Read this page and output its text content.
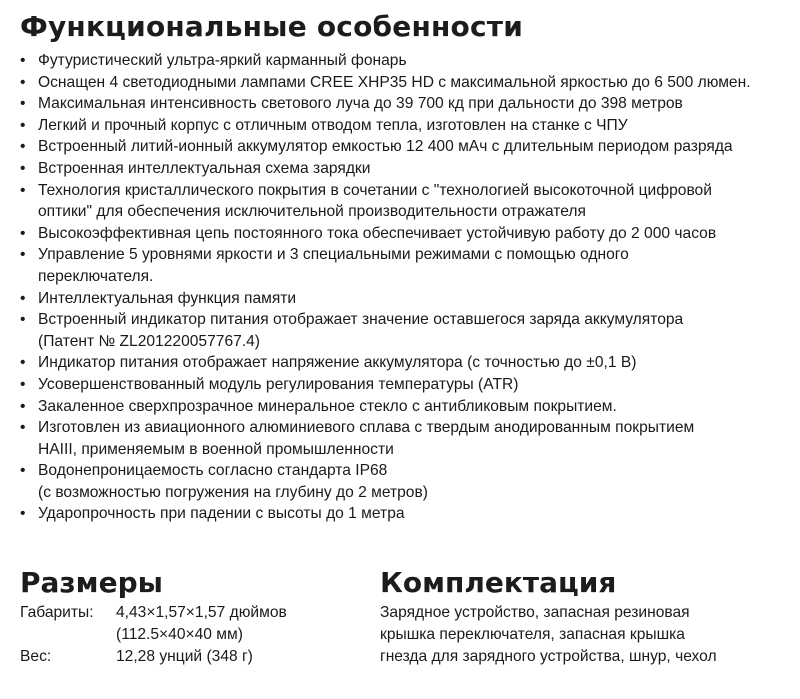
Функциональные особенности
• Футуристический ультра-яркий карманный фонарь
• Оснащен 4 светодиодными лампами CREE XHP35 HD с максимальной яркостью до 6 500 люмен.
• Максимальная интенсивность светового луча до 39 700 кд при дальности до 398 метров
• Легкий и прочный корпус с отличным отводом тепла, изготовлен на станке с ЧПУ
• Встроенный литий-ионный аккумулятор емкостью 12 400 мАч с длительным периодом разряда
• Встроенная интеллектуальная схема зарядки
• Технология кристаллического покрытия в сочетании с "технологией высокоточной цифровой
оптики" для обеспечения исключительной производительности отражателя
• Высокоэффективная цепь постоянного тока обеспечивает устойчивую работу до 2 000 часов
• Управление 5 уровнями яркости и 3 специальными режимами с помощью одного
переключателя.
• Интеллектуальная функция памяти
• Встроенный индикатор питания отображает значение оставшегося заряда аккумулятора
(Патент № ZL201220057767.4)
• Индикатор питания отображает напряжение аккумулятора (с точностью до ±0,1 В)
• Усовершенствованный модуль регулирования температуры (ATR)
• Закаленное сверхпрозрачное минеральное стекло с антибликовым покрытием.
• Изготовлен из авиационного алюминиевого сплава с твердым анодированным покрытием
HAIII, применяемым в военной промышленности
• Водонепроницаемость согласно стандарта IP68
(с возможностью погружения на глубину до 2 метров)
• Ударопрочность при падении с высоты до 1 метра
Размеры
Габариты:	4,43×1,57×1,57 дюймов
(112.5×40×40 мм)
Вес:	12,28 унций (348 г)
Комплектация
Зарядное устройство, запасная резиновая
крышка переключателя, запасная крышка
гнезда для зарядного устройства, шнур, чехол
